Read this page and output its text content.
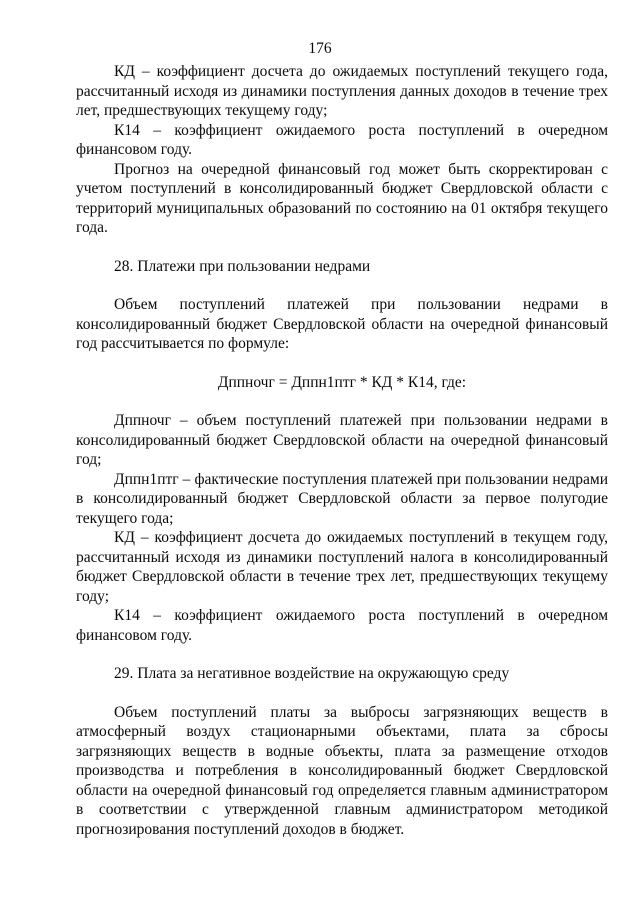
176

КД – коэффициент досчета до ожидаемых поступлений текущего года, рассчитанный исходя из динамики поступления данных доходов в течение трех лет, предшествующих текущему году;

К14 – коэффициент ожидаемого роста поступлений в очередном финансовом году.

Прогноз на очередной финансовый год может быть скорректирован с учетом поступлений в консолидированный бюджет Свердловской области с территорий муниципальных образований по состоянию на 01 октября текущего года.

28. Платежи при пользовании недрами

Объем поступлений платежей при пользовании недрами в консолидированный бюджет Свердловской области на очередной финансовый год рассчитывается по формуле:

Дппночг = Дппн1птг * КД * К14, где:

Дппночг – объем поступлений платежей при пользовании недрами в консолидированный бюджет Свердловской области на очередной финансовый год;

Дппн1птг – фактические поступления платежей при пользовании недрами в консолидированный бюджет Свердловской области за первое полугодие текущего года;

КД – коэффициент досчета до ожидаемых поступлений в текущем году, рассчитанный исходя из динамики поступлений налога в консолидированный бюджет Свердловской области в течение трех лет, предшествующих текущему году;

К14 – коэффициент ожидаемого роста поступлений в очередном финансовом году.

29. Плата за негативное воздействие на окружающую среду

Объем поступлений платы за выбросы загрязняющих веществ в атмосферный воздух стационарными объектами, плата за сбросы загрязняющих веществ в водные объекты, плата за размещение отходов производства и потребления в консолидированный бюджет Свердловской области на очередной финансовый год определяется главным администратором в соответствии с утвержденной главным администратором методикой прогнозирования поступлений доходов в бюджет.
